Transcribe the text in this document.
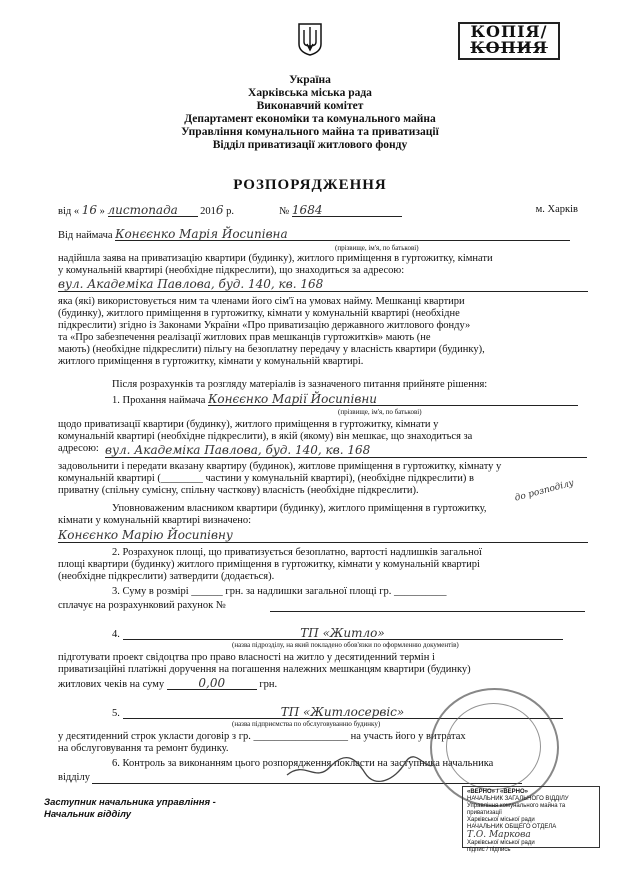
КОПІЯ/
КОПИЯ
Україна
Харківська міська рада
Виконавчий комітет
Департамент економіки та комунального майна
Управління комунального майна та приватизації
Відділ приватизації житлового фонду
РОЗПОРЯДЖЕННЯ
від « 16 » листопада 2016 р.	№ 1684	м. Харків
Від наймача Конєєнко Марія Йосипівна
(прізвище, ім'я, по батькові)
надійшла заява на приватизацію квартири (будинку), житлого приміщення в гуртожитку, кімнати
у комунальній квартирі (необхідне підкреслити), що знаходиться за адресою:
вул. Академіка Павлова, буд. 140, кв. 168
яка (які) використовується ним та членами його сім'ї на умовах найму. Мешканці квартири
(будинку), житлого приміщення в гуртожитку, кімнати у комунальній квартирі (необхідне
підкреслити) згідно із Законами України «Про приватизацію державного житлового фонду»
та «Про забезпечення реалізації житлових прав мешканців гуртожитків» мають (не
мають) (необхідне підкреслити) пільгу на безоплатну передачу у власність квартири (будинку),
житлого приміщення в гуртожитку, кімнати у комунальній квартирі.
Після розрахунків та розгляду матеріалів із зазначеного питання прийняте рішення:
1. Прохання наймача Конєєнко Марії Йосипівни
(прізвище, ім'я, по батькові)
щодо приватизації квартири (будинку), житлого приміщення в гуртожитку, кімнати у
комунальній квартирі (необхідне підкреслити), в якій (якому) він мешкає, що знаходиться за
адресою: вул. Академіка Павлова, буд. 140, кв. 168
задовольнити і передати вказану квартиру (будинок), житлове приміщення в гуртожитку, кімнату у
комунальній квартирі (________ частини у комунальній квартирі), (необхідне підкреслити) в
приватну (спільну сумісну, спільну часткову) власність (необхідне підкреслити).	до розподілу
Уповноваженим власником квартири (будинку), житлого приміщення в гуртожитку,
кімнати у комунальній квартирі визначено:
Конєєнко Марію Йосипівну
2. Розрахунок площі, що приватизується безоплатно, вартості надлишків загальної
площі квартири (будинку) житлого приміщення в гуртожитку, кімнати у комунальній квартирі
(необхідне підкреслити) затвердити (додається).
3. Суму в розмірі ______ грн. за надлишки загальної площі гр. __________
сплачує на розрахунковий рахунок №
4.	ТП «Житло»
(назва підрозділу, на який покладено обов'язки по оформленню документів)
підготувати проект свідоцтва про право власності на житло у десятиденний термін і
приватизаційні платіжні доручення на погашення належних мешканцям квартири (будинку)
житлових чеків на суму	0,00	грн.
5.	ТП «Житлосервіс»
(назва підприємства по обслуговуванню будинку)
у десятиденний строк укласти договір з гр. __________________ на участь його у витратах
на обслуговування та ремонт будинку.
6. Контроль за виконанням цього розпорядження покласти на заступника начальника
відділу
«ВЕРНО» / «ВЕРНО»
НАЧАЛЬНИК ЗАГАЛЬНОГО ВІДДІЛУ
Управління комунального майна та приватизації
Харківської міської ради
НАЧАЛЬНИК ОБЩЕГО ОТДЕЛА
Т.О. Маркова
Харківської міської ради
підпис / підпись
Заступник начальника управління -
Начальник відділу
